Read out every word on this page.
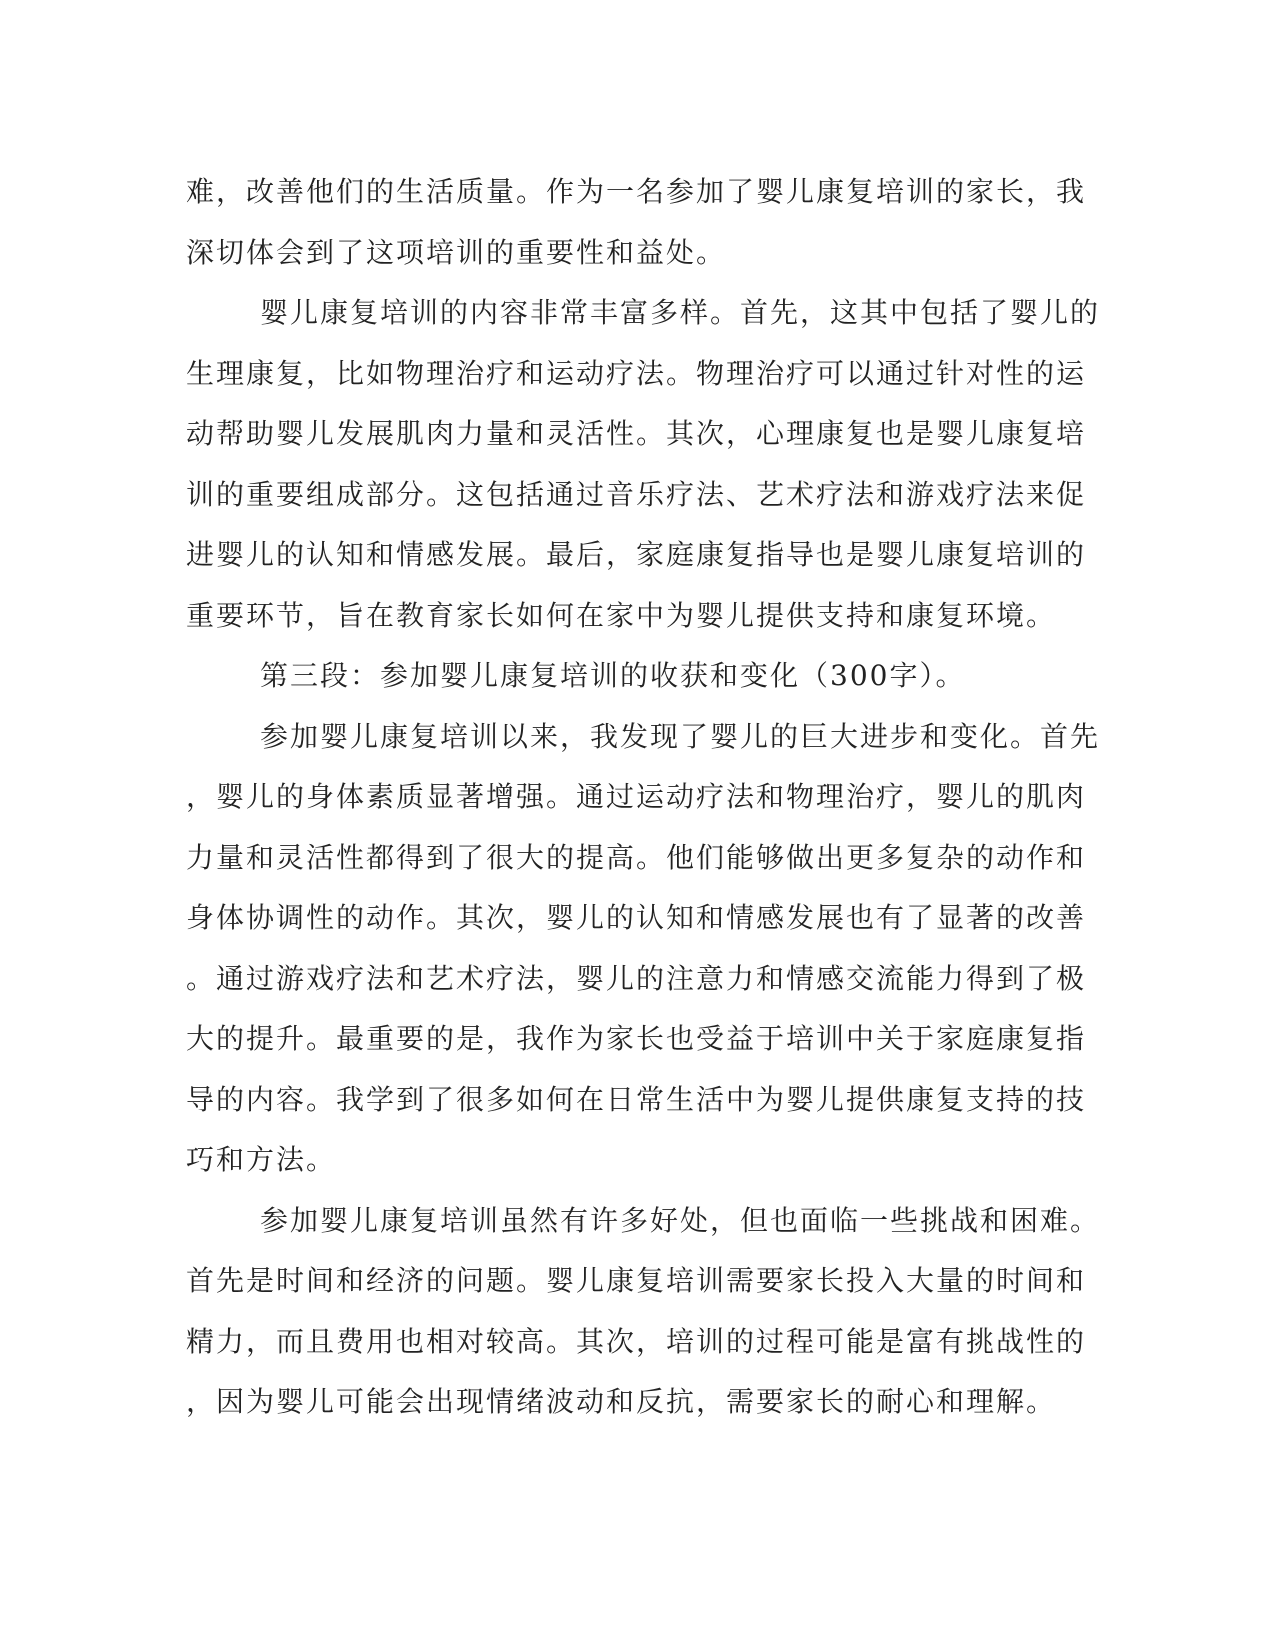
难，改善他们的生活质量。作为一名参加了婴儿康复培训的家长，我

深切体会到了这项培训的重要性和益处。

婴儿康复培训的内容非常丰富多样。首先，这其中包括了婴儿的

生理康复，比如物理治疗和运动疗法。物理治疗可以通过针对性的运

动帮助婴儿发展肌肉力量和灵活性。其次，心理康复也是婴儿康复培

训的重要组成部分。这包括通过音乐疗法、艺术疗法和游戏疗法来促

进婴儿的认知和情感发展。最后，家庭康复指导也是婴儿康复培训的

重要环节，旨在教育家长如何在家中为婴儿提供支持和康复环境。

第三段：参加婴儿康复培训的收获和变化（300字）。

参加婴儿康复培训以来，我发现了婴儿的巨大进步和变化。首先

，婴儿的身体素质显著增强。通过运动疗法和物理治疗，婴儿的肌肉

力量和灵活性都得到了很大的提高。他们能够做出更多复杂的动作和

身体协调性的动作。其次，婴儿的认知和情感发展也有了显著的改善

。通过游戏疗法和艺术疗法，婴儿的注意力和情感交流能力得到了极

大的提升。最重要的是，我作为家长也受益于培训中关于家庭康复指

导的内容。我学到了很多如何在日常生活中为婴儿提供康复支持的技

巧和方法。

参加婴儿康复培训虽然有许多好处，但也面临一些挑战和困难。

首先是时间和经济的问题。婴儿康复培训需要家长投入大量的时间和

精力，而且费用也相对较高。其次，培训的过程可能是富有挑战性的

，因为婴儿可能会出现情绪波动和反抗，需要家长的耐心和理解。
